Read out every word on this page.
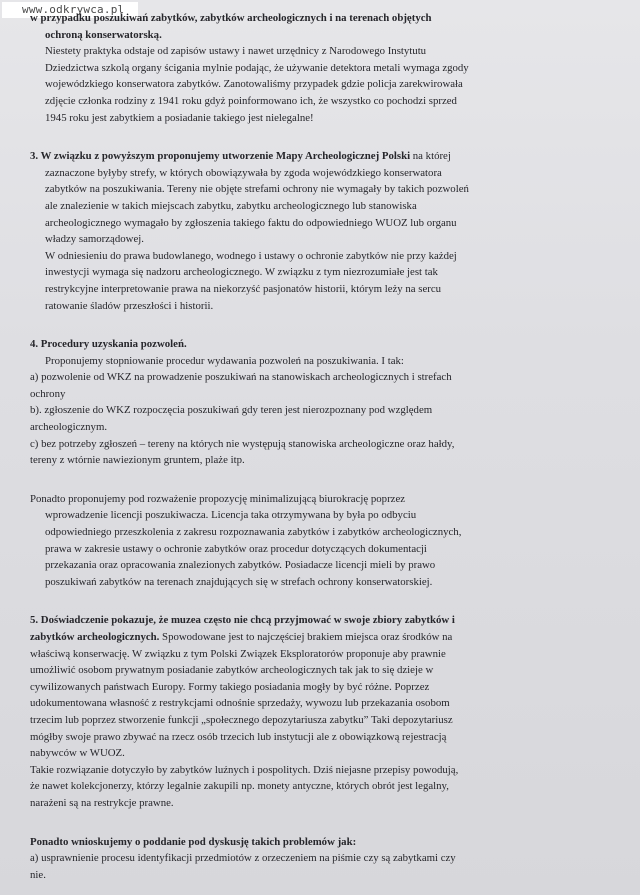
www.odkrywca.pl
w przypadku poszukiwań zabytków, zabytków archeologicznych i na terenach objętych
ochroną konserwatorską.
Niestety praktyka odstaje od zapisów ustawy i nawet urzędnicy z Narodowego Instytutu
Dziedzictwa szkolą organy ścigania mylnie podając, że używanie detektora metali wymaga zgody
wojewódzkiego konserwatora zabytków. Zanotowaliśmy przypadek gdzie policja zarekwirowała
zdjęcie członka rodziny z 1941 roku gdyż poinformowano ich, że wszystko co pochodzi sprzed
1945 roku jest zabytkiem a posiadanie takiego jest nielegalne!
3. W związku z powyższym proponujemy utworzenie Mapy Archeologicznej Polski na której
zaznaczone byłyby strefy, w których obowiązywała by zgoda wojewódzkiego konserwatora
zabytków na poszukiwania. Tereny nie objęte strefami ochrony nie wymagały by takich pozwoleń
ale znalezienie w takich miejscach zabytku, zabytku archeologicznego lub stanowiska
archeologicznego wymagało by zgłoszenia takiego faktu do odpowiedniego WUOZ lub organu
władzy samorządowej.
W odniesieniu do prawa budowlanego, wodnego i ustawy o ochronie zabytków nie przy każdej
inwestycji wymaga się nadzoru archeologicznego. W związku z tym niezrozumiałe jest tak
restrykcyjne interpretowanie prawa na niekorzyść pasjonatów historii, którym leży na sercu
ratowanie śladów przeszłości i historii.
4. Procedury uzyskania pozwoleń.
Proponujemy stopniowanie procedur wydawania pozwoleń na poszukiwania. I tak:
a) pozwolenie od WKZ na prowadzenie poszukiwań na stanowiskach archeologicznych i strefach
ochrony
b). zgłoszenie do WKZ rozpoczęcia poszukiwań gdy teren jest nierozpoznany pod względem
archeologicznym.
c) bez potrzeby zgłoszeń – tereny na których nie występują stanowiska archeologiczne oraz hałdy,
tereny z wtórnie nawiezionym gruntem, plaże itp.
Ponadto proponujemy pod rozważenie propozycję minimalizującą biurokrację poprzez
wprowadzenie licencji poszukiwacza. Licencja taka otrzymywana by była po odbyciu
odpowiedniego przeszkolenia z zakresu rozpoznawania zabytków i zabytków archeologicznych,
prawa w zakresie ustawy o ochronie zabytków oraz procedur dotyczących dokumentacji
przekazania oraz opracowania znalezionych zabytków. Posiadacze licencji mieli by prawo
poszukiwań zabytków na terenach znajdujących się w strefach ochrony konserwatorskiej.
5. Doświadczenie pokazuje, że muzea często nie chcą przyjmować w swoje zbiory zabytków i
zabytków archeologicznych. Spowodowane jest to najczęściej brakiem miejsca oraz środków na
właściwą konserwację. W związku z tym Polski Związek Eksploratorów proponuje aby prawnie
umożliwić osobom prywatnym posiadanie zabytków archeologicznych tak jak to się dzieje w
cywilizowanych państwach Europy. Formy takiego posiadania mogły by być różne. Poprzez
udokumentowana własność z restrykcjami odnośnie sprzedaży, wywozu lub przekazania osobom
trzecim lub poprzez stworzenie funkcji „społecznego depozytariusza zabytku” Taki depozytariusz
mógłby swoje prawo zbywać na rzecz osób trzecich lub instytucji ale z obowiązkową rejestracją
nabywców w WUOZ.
Takie rozwiązanie dotyczyło by zabytków luźnych i pospolitych. Dziś niejasne przepisy powodują,
że nawet kolekcjonerzy, którzy legalnie zakupili np. monety antyczne, których obrót jest legalny,
narażeni są na restrykcje prawne.
Ponadto wnioskujemy o poddanie pod dyskusję takich problemów jak:
a) usprawnienie procesu identyfikacji przedmiotów z orzeczeniem na piśmie czy są zabytkami czy
nie.
